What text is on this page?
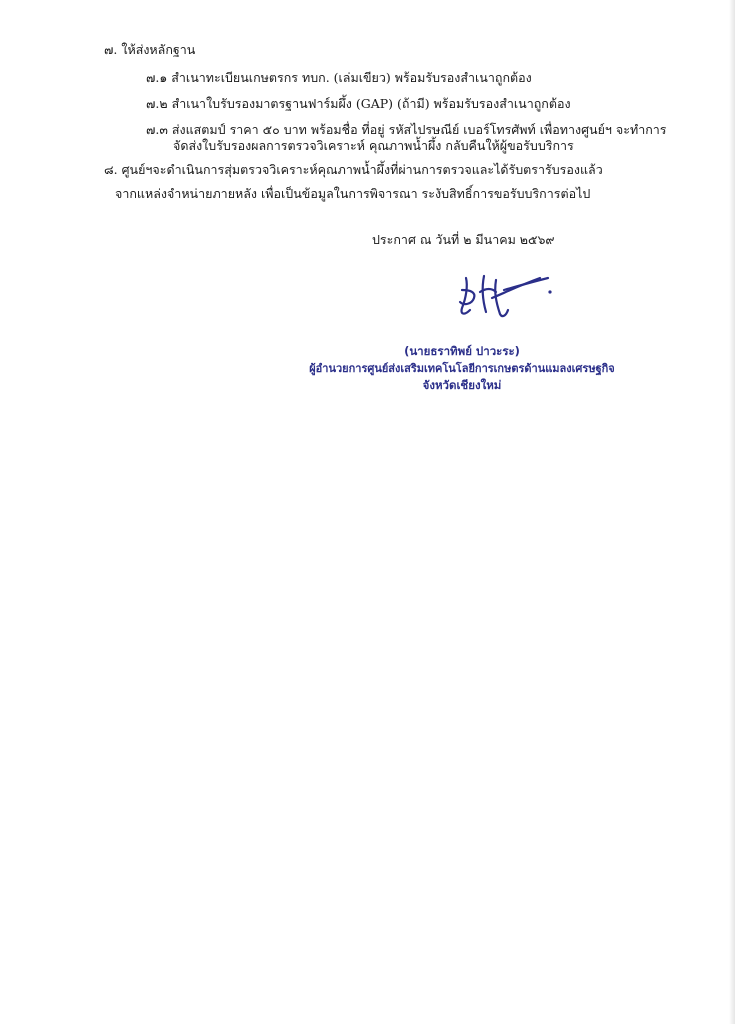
๗. ให้ส่งหลักฐาน
๗.๑ สำเนาทะเบียนเกษตรกร ทบก. (เล่มเขียว) พร้อมรับรองสำเนาถูกต้อง
๗.๒ สำเนาใบรับรองมาตรฐานฟาร์มผึ้ง (GAP) (ถ้ามี) พร้อมรับรองสำเนาถูกต้อง
๗.๓ ส่งแสตมป์ ราคา ๕๐ บาท พร้อมชื่อ ที่อยู่ รหัสไปรษณีย์ เบอร์โทรศัพท์ เพื่อทางศูนย์ฯ จะทำการ
จัดส่งใบรับรองผลการตรวจวิเคราะห์ คุณภาพน้ำผึ้ง กลับคืนให้ผู้ขอรับบริการ
๘. ศูนย์ฯจะดำเนินการสุ่มตรวจวิเคราะห์คุณภาพน้ำผึ้งที่ผ่านการตรวจและได้รับตรารับรองแล้ว
จากแหล่งจำหน่ายภายหลัง เพื่อเป็นข้อมูลในการพิจารณา ระงับสิทธิ์การขอรับบริการต่อไป
ประกาศ ณ วันที่ ๒ มีนาคม ๒๕๖๙
(นายธราทิพย์ ปาวะระ)
ผู้อำนวยการศูนย์ส่งเสริมเทคโนโลยีการเกษตรด้านแมลงเศรษฐกิจ
จังหวัดเชียงใหม่
